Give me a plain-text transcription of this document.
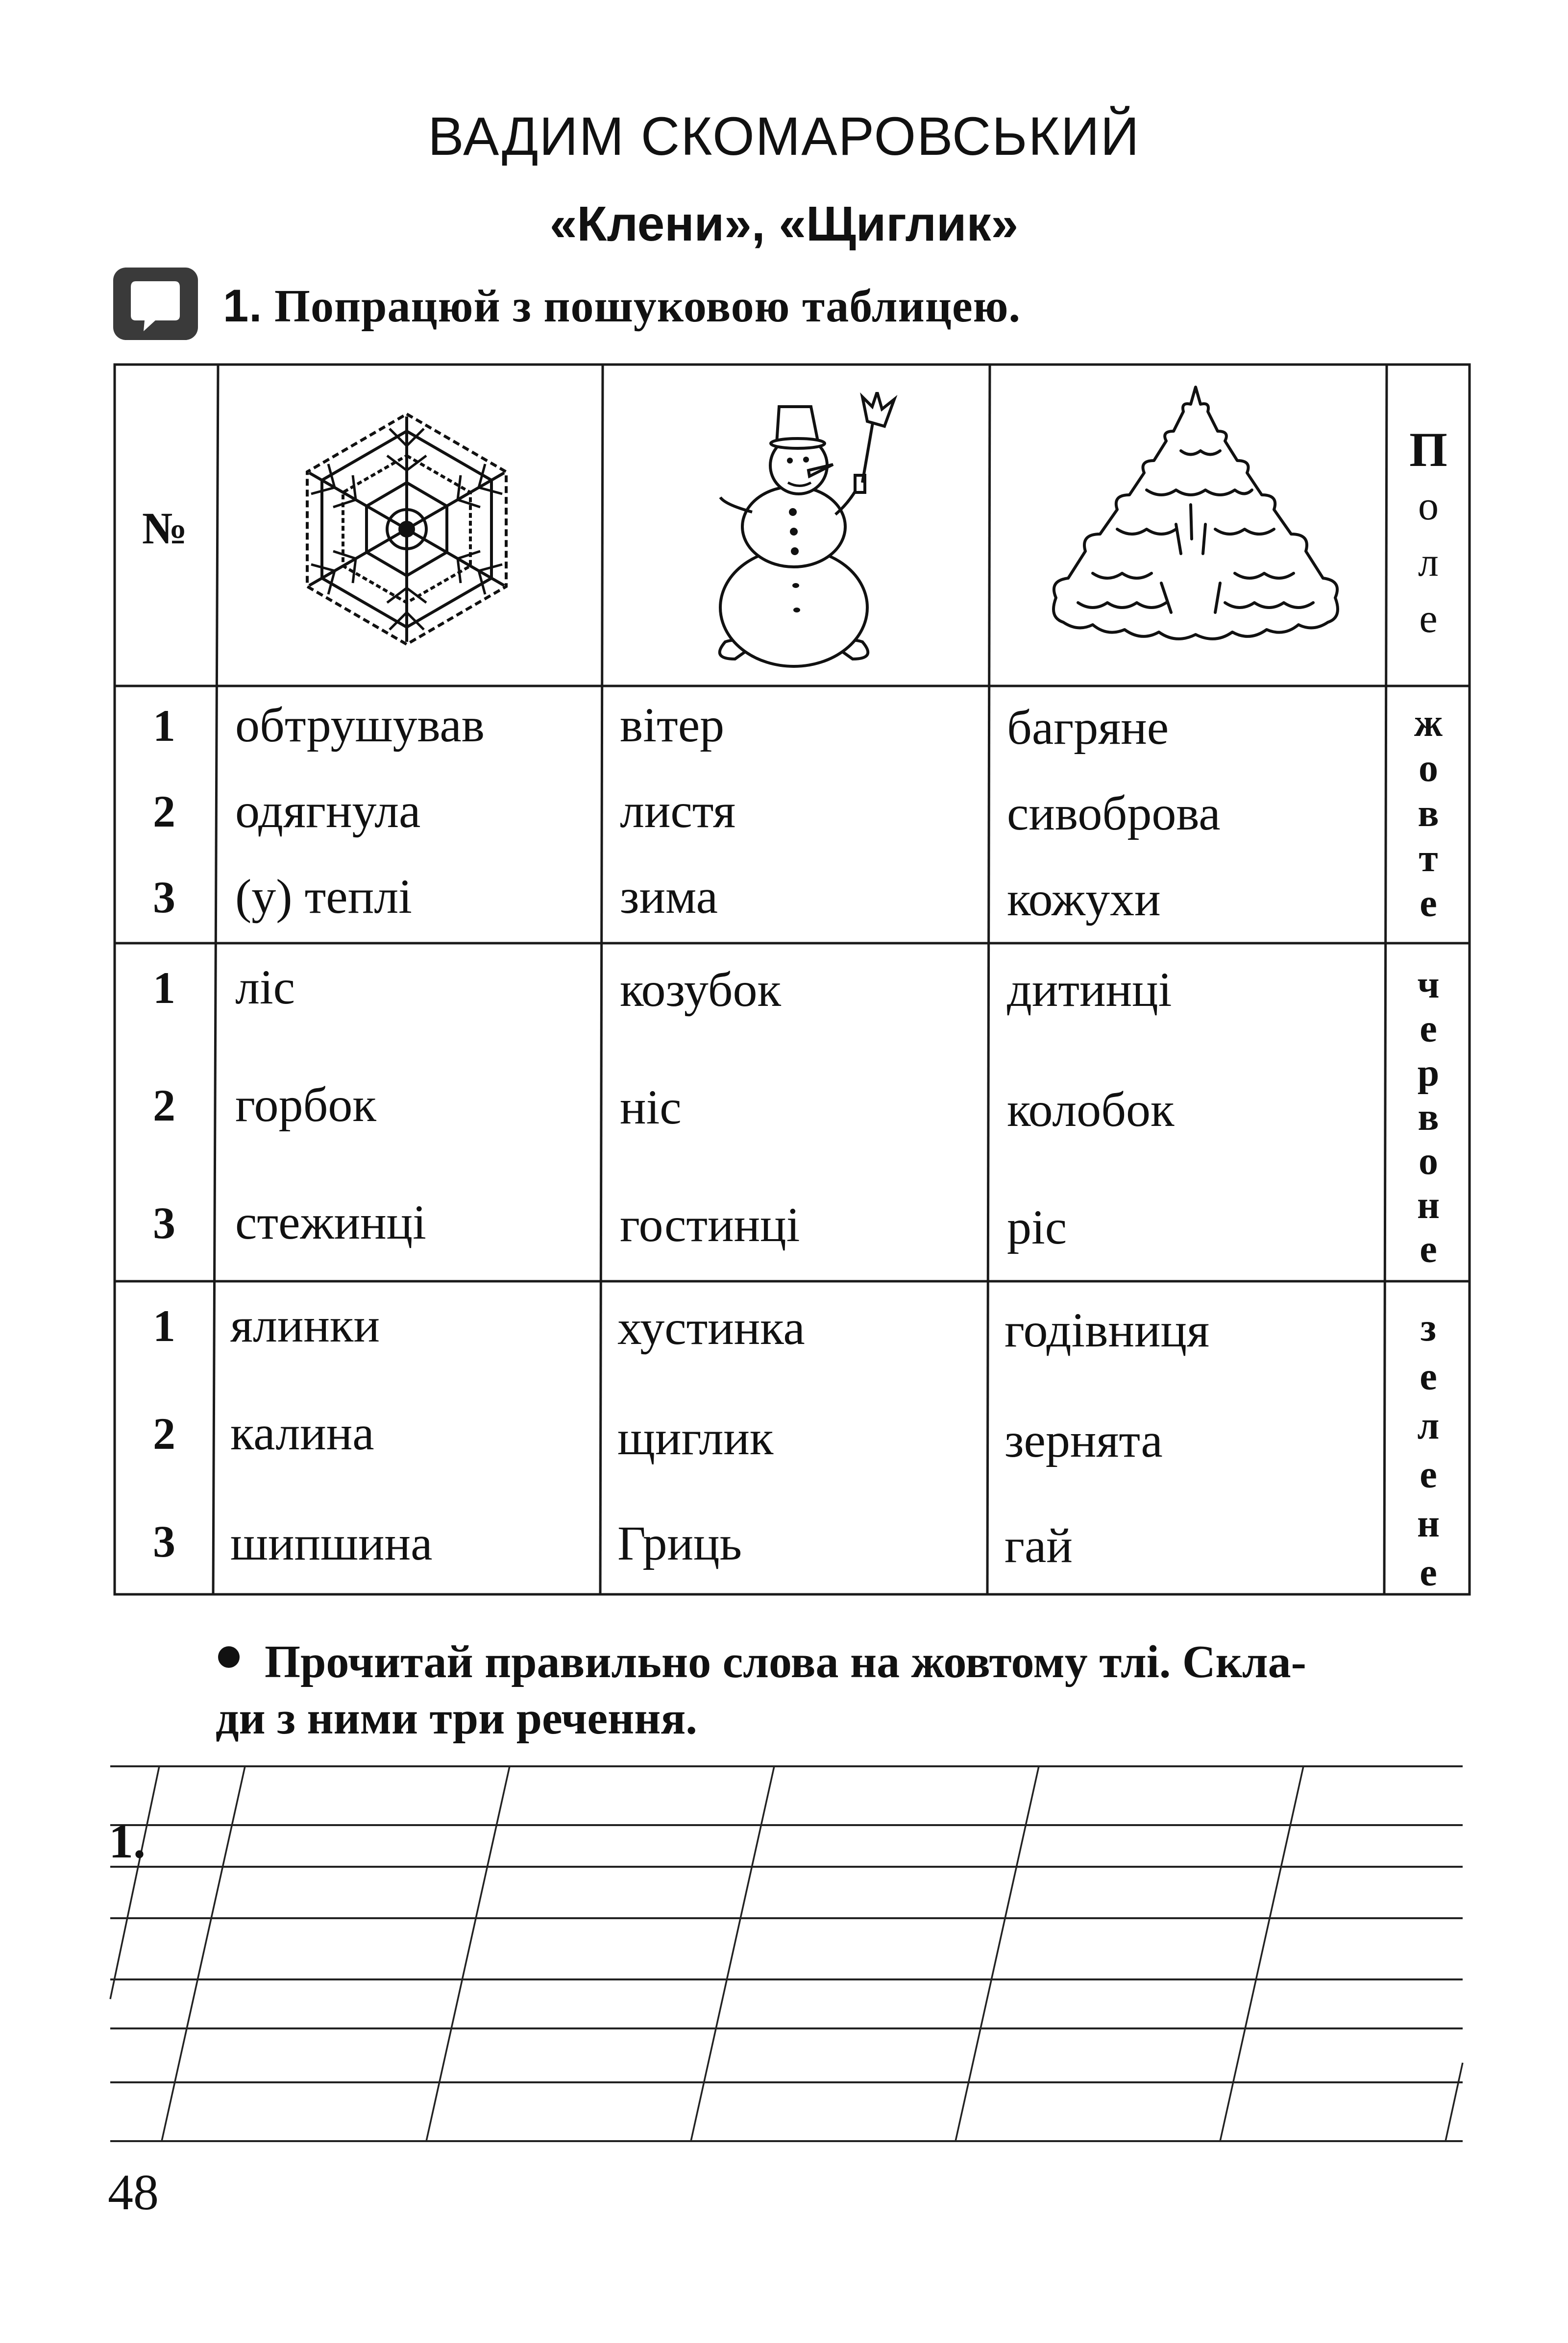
ВАДИМ СКОМАРОВСЬКИЙ
«Клени», «Щиглик»
1. Попрацюй з пошуковою таблицею.
№
П
о
л
е
1
2
3
обтрушував
одягнула
(у) теплі
вітер
листя
зима
багряне
сивоброва
кожухи
ж
о
в
т
е
1
2
3
ліс
горбок
стежинці
козубок
ніс
гостинці
дитинці
колобок
ріс
ч
е
р
в
о
н
е
1
2
3
ялинки
калина
шипшина
хустинка
щиглик
Гриць
годівниця
зернята
гай
з
е
л
е
н
е
Прочитай правильно слова на жовтому тлі. Скла-
ди з ними три речення.
1.
48
